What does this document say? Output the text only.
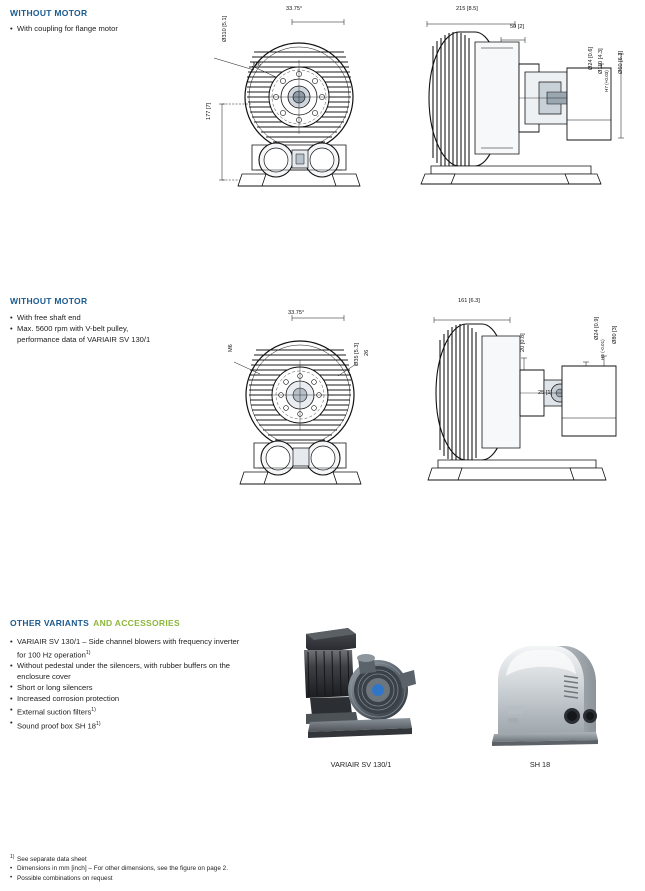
WITHOUT MOTOR
• With coupling for flange motor
33.75°
Ø310 [5.1]
M6
177 [7]
215 [8.5]
50 [2]
Ø24 [0.6] Ø110 [4.3]
H7 (+0.03)
Ø60 [6.3]
WITHOUT MOTOR
• With free shaft end
• Max. 5600 rpm with V-belt pulley, performance data of VARIAIR SV 130/1
33.75°
M6
26
Ø35 [5.3]
161 [6.3]
20 [0.8]
25 [1]
Ø24 [0.9]
H6 (-0.01)
Ø80 [3]
OTHER VARIANTS AND ACCESSORIES
• VARIAIR SV 130/1 – Side channel blowers with frequency inverter for 100 Hz operation$^{1)}$
• Without pedestal under the silencers, with rubber buffers on the enclosure cover
• Short or long silencers
• Increased corrosion protection
• External suction filters$^{1)}$
• Sound proof box SH 18$^{1)}$
VARIAIR SV 130/1	SH 18
1) See separate data sheet
• Dimensions in mm [inch] – For other dimensions, see the figure on page 2.
• Possible combinations on request
